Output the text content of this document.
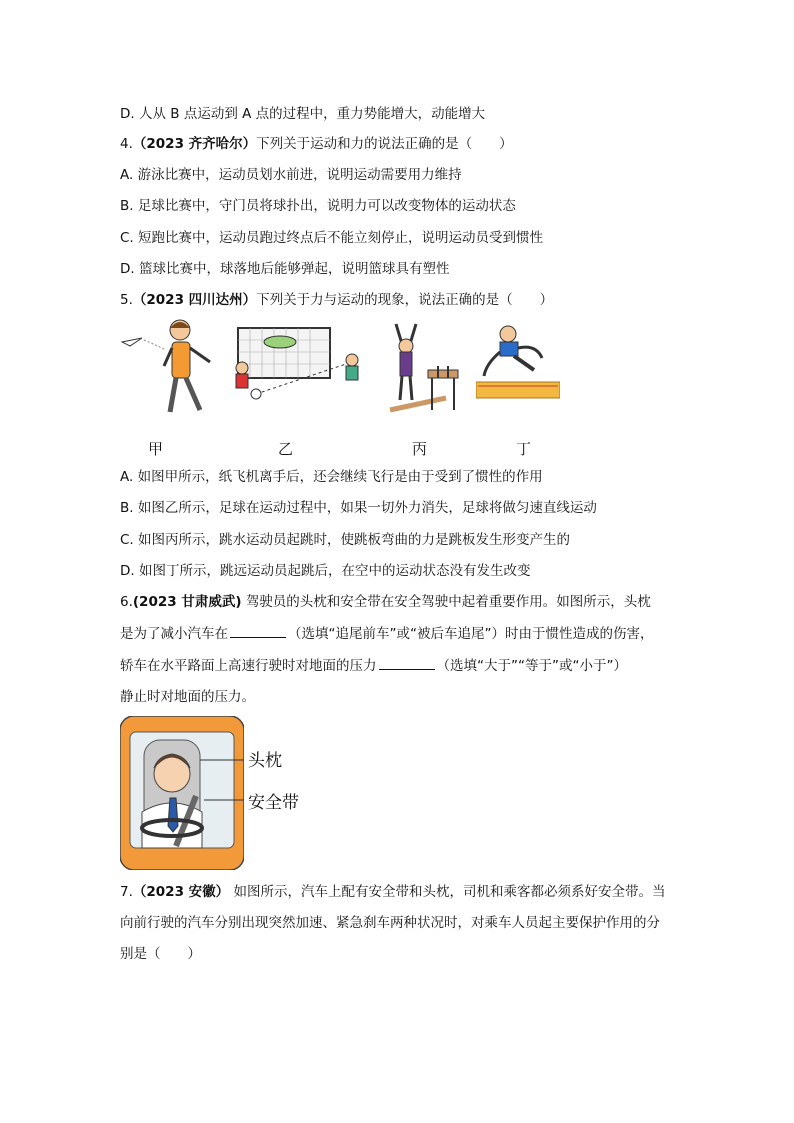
D. 人从 B 点运动到 A 点的过程中，重力势能增大，动能增大
4.（2023 齐齐哈尔）下列关于运动和力的说法正确的是（　　）
A. 游泳比赛中，运动员划水前进，说明运动需要用力维持
B. 足球比赛中，守门员将球扑出，说明力可以改变物体的运动状态
C. 短跑比赛中，运动员跑过终点后不能立刻停止，说明运动员受到惯性
D. 篮球比赛中，球落地后能够弹起，说明篮球具有塑性
5.（2023 四川达州）下列关于力与运动的现象，说法正确的是（　　）
甲	乙	丙	丁
A. 如图甲所示，纸飞机离手后，还会继续飞行是由于受到了惯性的作用
B. 如图乙所示，足球在运动过程中，如果一切外力消失，足球将做匀速直线运动
C. 如图丙所示，跳水运动员起跳时，使跳板弯曲的力是跳板发生形变产生的
D. 如图丁所示，跳远运动员起跳后，在空中的运动状态没有发生改变
6.(2023 甘肃威武) 驾驶员的头枕和安全带在安全驾驶中起着重要作用。如图所示，头枕
是为了减小汽车在	（选填“追尾前车”或“被后车追尾”）时由于惯性造成的伤害，
轿车在水平路面上高速行驶时对地面的压力	（选填“大于”“等于”或“小于”）
静止时对地面的压力。
头枕
安全带
7.（2023 安徽） 如图所示，汽车上配有安全带和头枕，司机和乘客都必须系好安全带。当
向前行驶的汽车分别出现突然加速、紧急刹车两种状况时，对乘车人员起主要保护作用的分
别是（　　）
